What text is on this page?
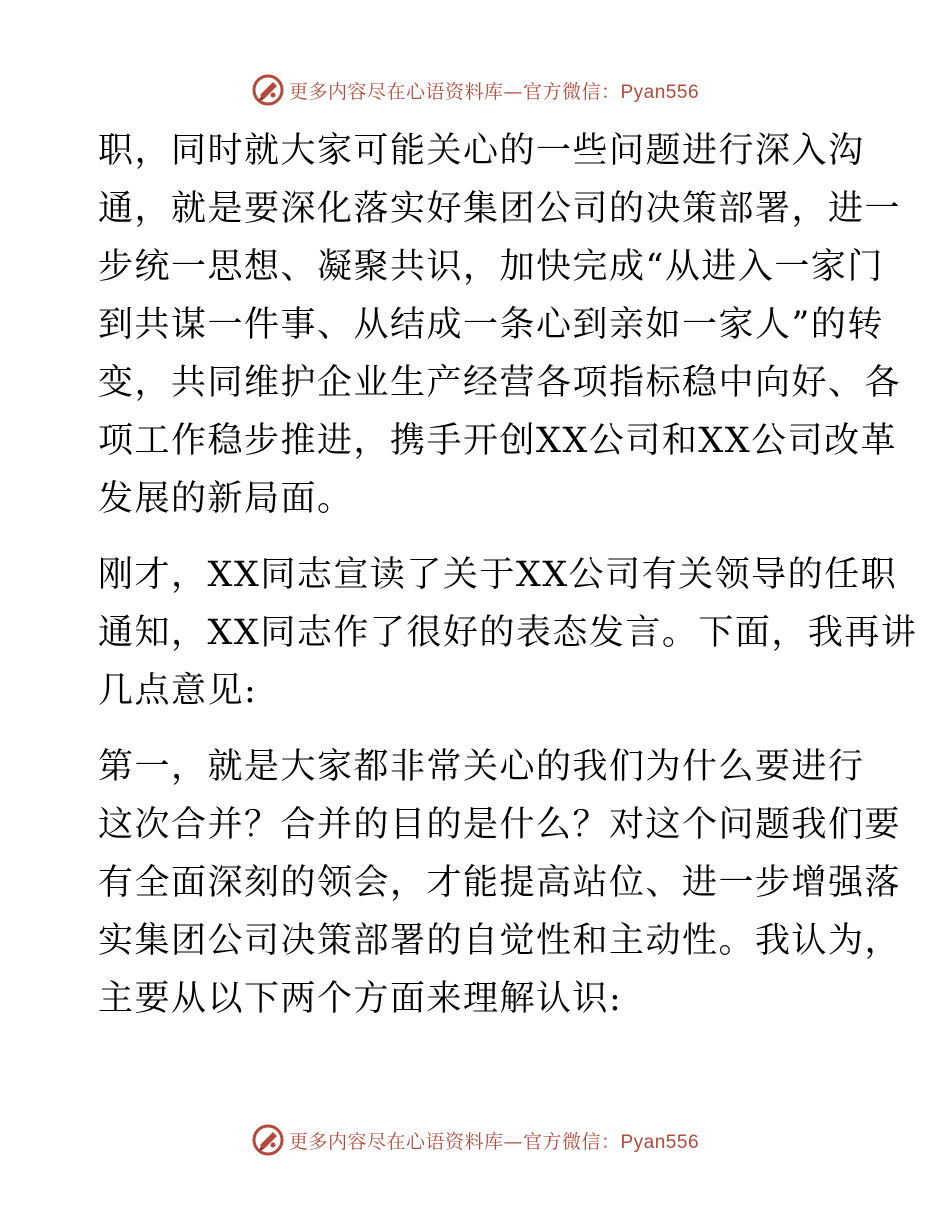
更多内容尽在心语资料库—官方微信：Pyan556
职，同时就大家可能关心的一些问题进行深入沟
通，就是要深化落实好集团公司的决策部署，进一
步统一思想、凝聚共识，加快完成“从进入一家门
到共谋一件事、从结成一条心到亲如一家人”的转
变，共同维护企业生产经营各项指标稳中向好、各
项工作稳步推进，携手开创XX公司和XX公司改革
发展的新局面。
刚才，XX同志宣读了关于XX公司有关领导的任职
通知，XX同志作了很好的表态发言。下面，我再讲
几点意见:
第一，就是大家都非常关心的我们为什么要进行
这次合并？合并的目的是什么？对这个问题我们要
有全面深刻的领会，才能提高站位、进一步增强落
实集团公司决策部署的自觉性和主动性。我认为，
主要从以下两个方面来理解认识:
更多内容尽在心语资料库—官方微信：Pyan556
